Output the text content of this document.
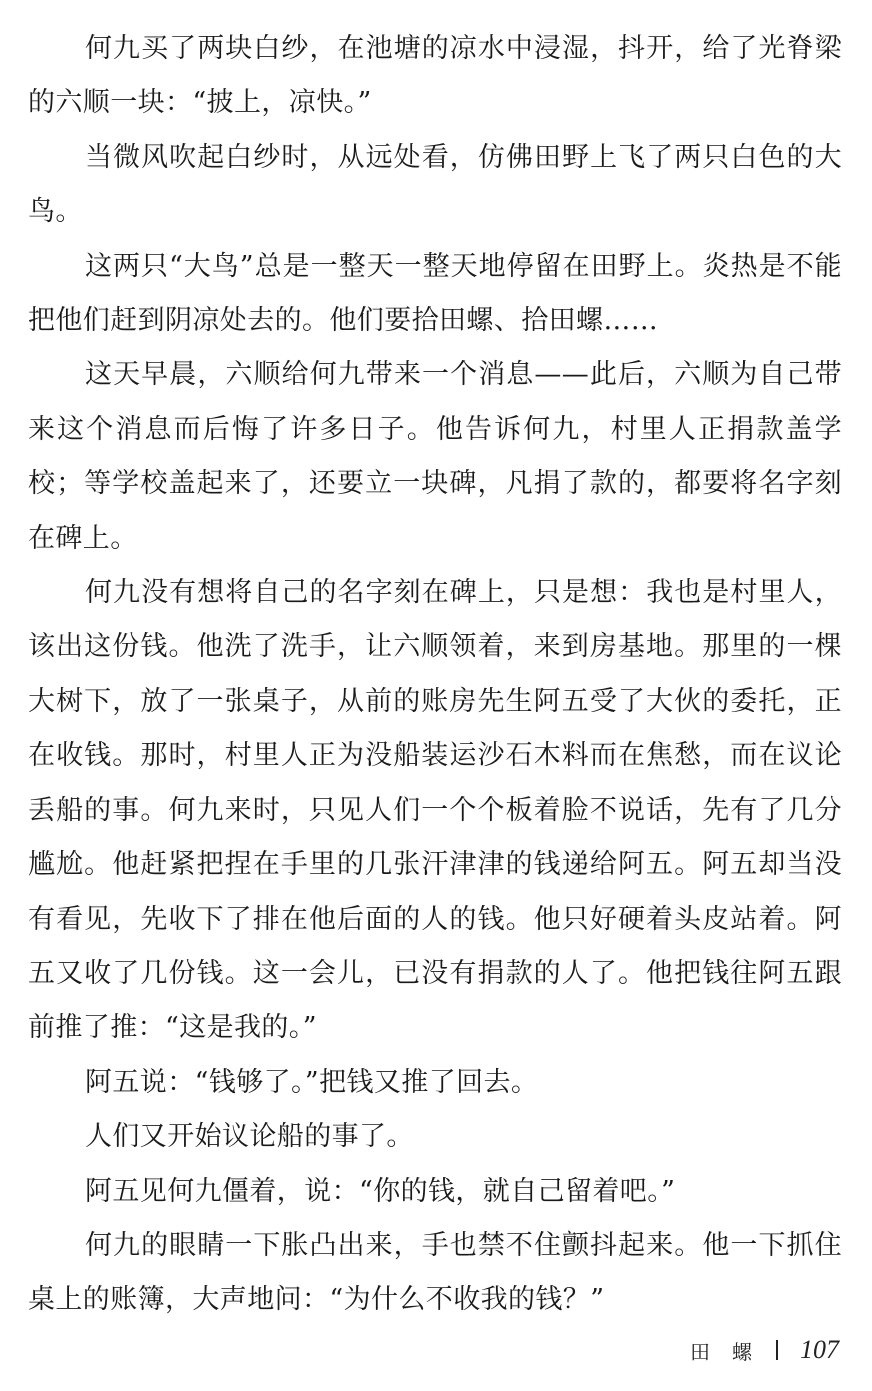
何九买了两块白纱，在池塘的凉水中浸湿，抖开，给了光脊梁的六顺一块：“披上，凉快。”

当微风吹起白纱时，从远处看，仿佛田野上飞了两只白色的大鸟。

这两只“大鸟”总是一整天一整天地停留在田野上。炎热是不能把他们赶到阴凉处去的。他们要拾田螺、拾田螺……

这天早晨，六顺给何九带来一个消息——此后，六顺为自己带来这个消息而后悔了许多日子。他告诉何九，村里人正捐款盖学校；等学校盖起来了，还要立一块碑，凡捐了款的，都要将名字刻在碑上。

何九没有想将自己的名字刻在碑上，只是想：我也是村里人，该出这份钱。他洗了洗手，让六顺领着，来到房基地。那里的一棵大树下，放了一张桌子，从前的账房先生阿五受了大伙的委托，正在收钱。那时，村里人正为没船装运沙石木料而在焦愁，而在议论丢船的事。何九来时，只见人们一个个板着脸不说话，先有了几分尴尬。他赶紧把捏在手里的几张汗津津的钱递给阿五。阿五却当没有看见，先收下了排在他后面的人的钱。他只好硬着头皮站着。阿五又收了几份钱。这一会儿，已没有捐款的人了。他把钱往阿五跟前推了推：“这是我的。”

阿五说：“钱够了。”把钱又推了回去。

人们又开始议论船的事了。

阿五见何九僵着，说：“你的钱，就自己留着吧。”

何九的眼睛一下胀凸出来，手也禁不住颤抖起来。他一下抓住桌上的账簿，大声地问：“为什么不收我的钱？”

田螺 107
